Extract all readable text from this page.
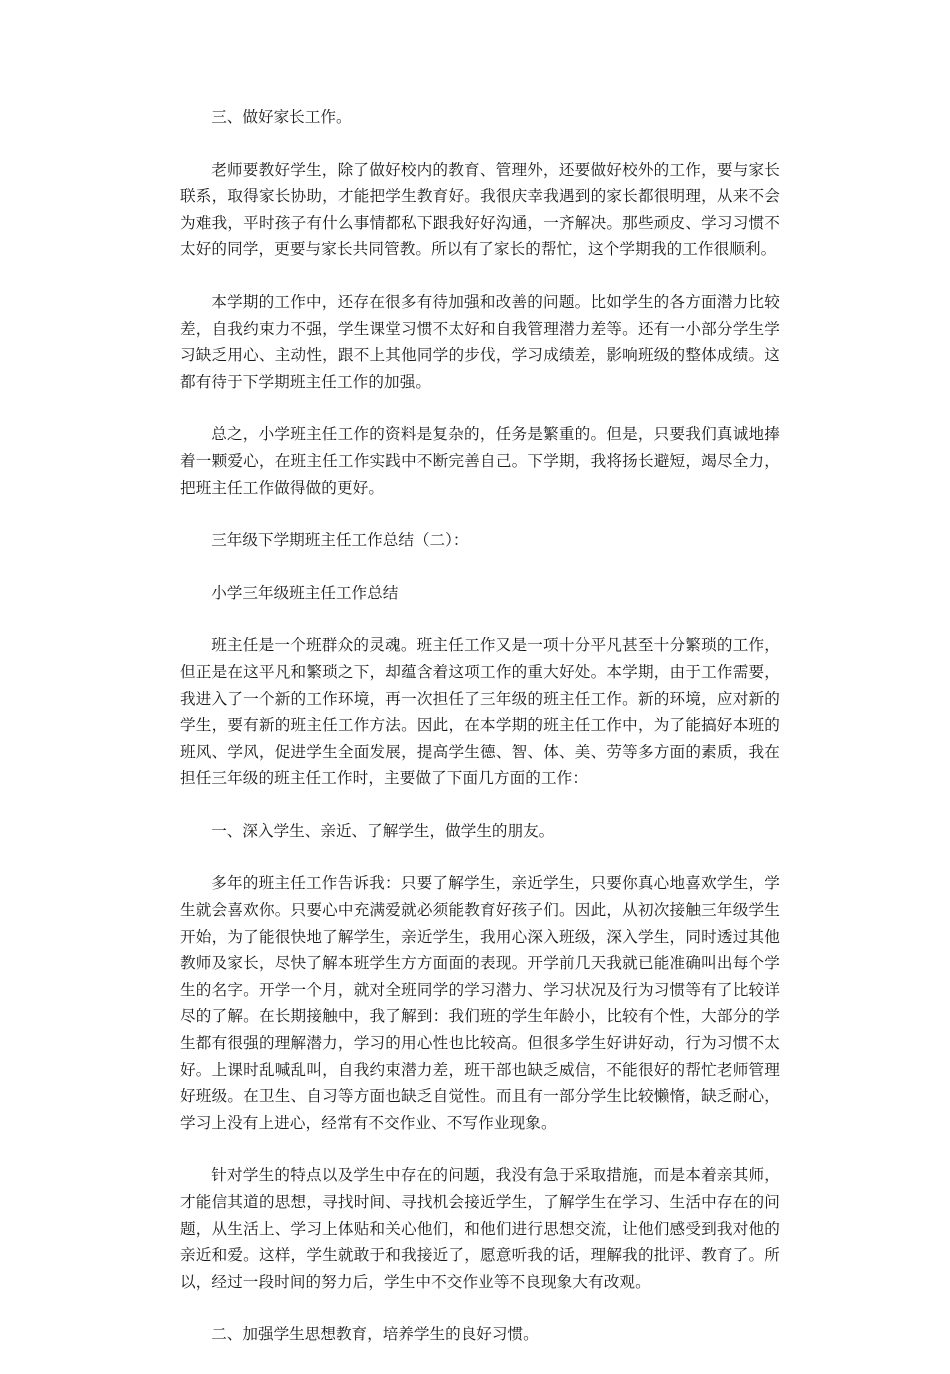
三、做好家长工作。

老师要教好学生，除了做好校内的教育、管理外，还要做好校外的工作，要与家长联系，取得家长协助，才能把学生教育好。我很庆幸我遇到的家长都很明理，从来不会为难我，平时孩子有什么事情都私下跟我好好沟通，一齐解决。那些顽皮、学习习惯不太好的同学，更要与家长共同管教。所以有了家长的帮忙，这个学期我的工作很顺利。

本学期的工作中，还存在很多有待加强和改善的问题。比如学生的各方面潜力比较差，自我约束力不强，学生课堂习惯不太好和自我管理潜力差等。还有一小部分学生学习缺乏用心、主动性，跟不上其他同学的步伐，学习成绩差，影响班级的整体成绩。这都有待于下学期班主任工作的加强。

总之，小学班主任工作的资料是复杂的，任务是繁重的。但是，只要我们真诚地捧着一颗爱心，在班主任工作实践中不断完善自己。下学期，我将扬长避短，竭尽全力，把班主任工作做得做的更好。

三年级下学期班主任工作总结（二）：

小学三年级班主任工作总结

班主任是一个班群众的灵魂。班主任工作又是一项十分平凡甚至十分繁琐的工作，但正是在这平凡和繁琐之下，却蕴含着这项工作的重大好处。本学期，由于工作需要，我进入了一个新的工作环境，再一次担任了三年级的班主任工作。新的环境，应对新的学生，要有新的班主任工作方法。因此，在本学期的班主任工作中，为了能搞好本班的班风、学风，促进学生全面发展，提高学生德、智、体、美、劳等多方面的素质，我在担任三年级的班主任工作时，主要做了下面几方面的工作：

一、深入学生、亲近、了解学生，做学生的朋友。

多年的班主任工作告诉我：只要了解学生，亲近学生，只要你真心地喜欢学生，学生就会喜欢你。只要心中充满爱就必须能教育好孩子们。因此，从初次接触三年级学生开始，为了能很快地了解学生，亲近学生，我用心深入班级，深入学生，同时透过其他教师及家长，尽快了解本班学生方方面面的表现。开学前几天我就已能准确叫出每个学生的名字。开学一个月，就对全班同学的学习潜力、学习状况及行为习惯等有了比较详尽的了解。在长期接触中，我了解到：我们班的学生年龄小，比较有个性，大部分的学生都有很强的理解潜力，学习的用心性也比较高。但很多学生好讲好动，行为习惯不太好。上课时乱喊乱叫，自我约束潜力差，班干部也缺乏威信，不能很好的帮忙老师管理好班级。在卫生、自习等方面也缺乏自觉性。而且有一部分学生比较懒惰，缺乏耐心，学习上没有上进心，经常有不交作业、不写作业现象。

针对学生的特点以及学生中存在的问题，我没有急于采取措施，而是本着亲其师，才能信其道的思想，寻找时间、寻找机会接近学生，了解学生在学习、生活中存在的问题，从生活上、学习上体贴和关心他们，和他们进行思想交流，让他们感受到我对他的亲近和爱。这样，学生就敢于和我接近了，愿意听我的话，理解我的批评、教育了。所以，经过一段时间的努力后，学生中不交作业等不良现象大有改观。

二、加强学生思想教育，培养学生的良好习惯。
